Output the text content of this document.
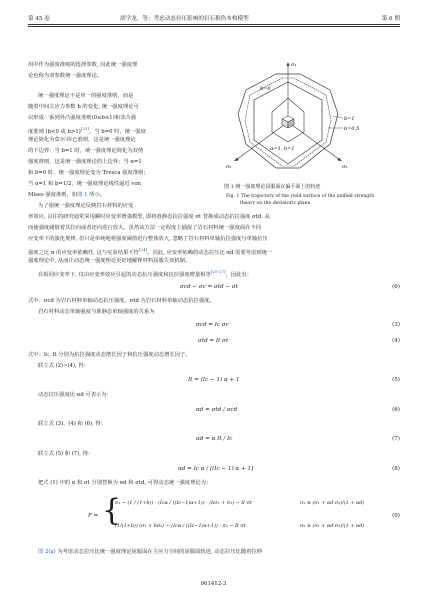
第 45 卷	胡学龙，等：考虑动态拉压影响的岩石损伤本构模型	第 6 期
用中作为强度准则的选择参数, 因此统一强度理
论也称为双参数统一强度理论。
统一强度理论不是单一的强度准则，而是
随着中间主应力参数 b 的变化, 统一强度理论可
以形成一系列外凸强度准则(0≤b≤1)和非凸强
度准则 (b<0 或 b>1)[22]。当 b=0 时，统一强度
理论简化为莫尔-库仑准则，这是统一强度理论
的下边界；当 b=1 时，统一强度理论简化为双剪
强度准则，这是统一强度理论的上边界；当 α=1
和 b=0 时，统一强度理论变为 Tresca 强度准则；
当 α=1 和 b=1/2，统一强度理论线性逼近 von
Mises 强度准则，如图 1 所示。
σ₁
σ₂	σ₃
b=0
b=1
b=0.5
α=1, b=1
图 1 统一强度理论屈服面在偏平面上的轨迹
Fig. 1 The trajectory of the yield surface of the unified strength
theory on the deviatoric plane
为了使统一强度理论反映岩石材料的应变
率效应, 以往的研究通常采用瞬时应变率增强模型, 即将准静态抗拉强度 σt 替换成动态抗拉强度 σtd, 从
而使强度阈值着其拉向或者还向进行放大。虽然该方法一定程度上捕捉了岩石材料统一强度面在不同
应变率下的演化规律, 但只是单纯地将强度阈值进行整体放大, 忽略了岩石材料单轴抗拉强度与单轴抗压
强度之比 α 的应变率依赖性, 这与实验结果不符[24]。因此, 应变率依赖的动态拉压比 αd 需要考虑到统一
强度理论中, 从而让动态统一强度理论更好地解释材料屈服失效机制。
在相同应变率下, 仅由应变率效应引起的动态抗压强度和抗拉强度增量相等[25-27]，因此有：
σcd − σc = σtd − σt	(6)
式中：σcd 为岩石材料单轴动态抗压强度，σtd 为岩石材料单轴动态抗拉强度。
岩石材料动态单轴强度与准静态单轴强度的关系为
σcd = Ic σc	(3)
σtd = It σt	(4)
式中：Ic, It 分别为抗拉强度动态增长因子和抗压强度动态增长因子。
联立式 (2)~(4), 得：
It = (Ic − 1) α + 1	(5)
动态拉压强度比 αd 可表示为：
αd = σtd / σcd	(6)
联立式 (3)、(4) 和 (6), 得：
αd = α It / Ic	(7)
联立式 (5) 和 (7), 得：
αd = Ic α / [(Ic − 1) α + 1]	(8)
把式 (1) 中的 α 和 σt 分别替换为 αd 和 σtd, 可得动态统一强度理论为：
F = {
σ₁ − (1 / (1+b)) · (Icα / ((Ic−1)α+1)) · (bσ₂ + σ₃) − It σt	σ₂ ≤ (σ₁ + αd σ₃)/(1 + αd)
(1/(1+b)) (σ₁ + bσ₂) − (Icα / ((Ic−1)α+1)) · σ₃ − It σt	σ₂ ≥ (σ₁ + αd σ₃)/(1 + αd)
(9)
图 2(a) 为考虑动态拉压比统一强度理论屈服面在主应力空间的屈服面轨迹, 动态拉压比随着拉伸
061412-3
